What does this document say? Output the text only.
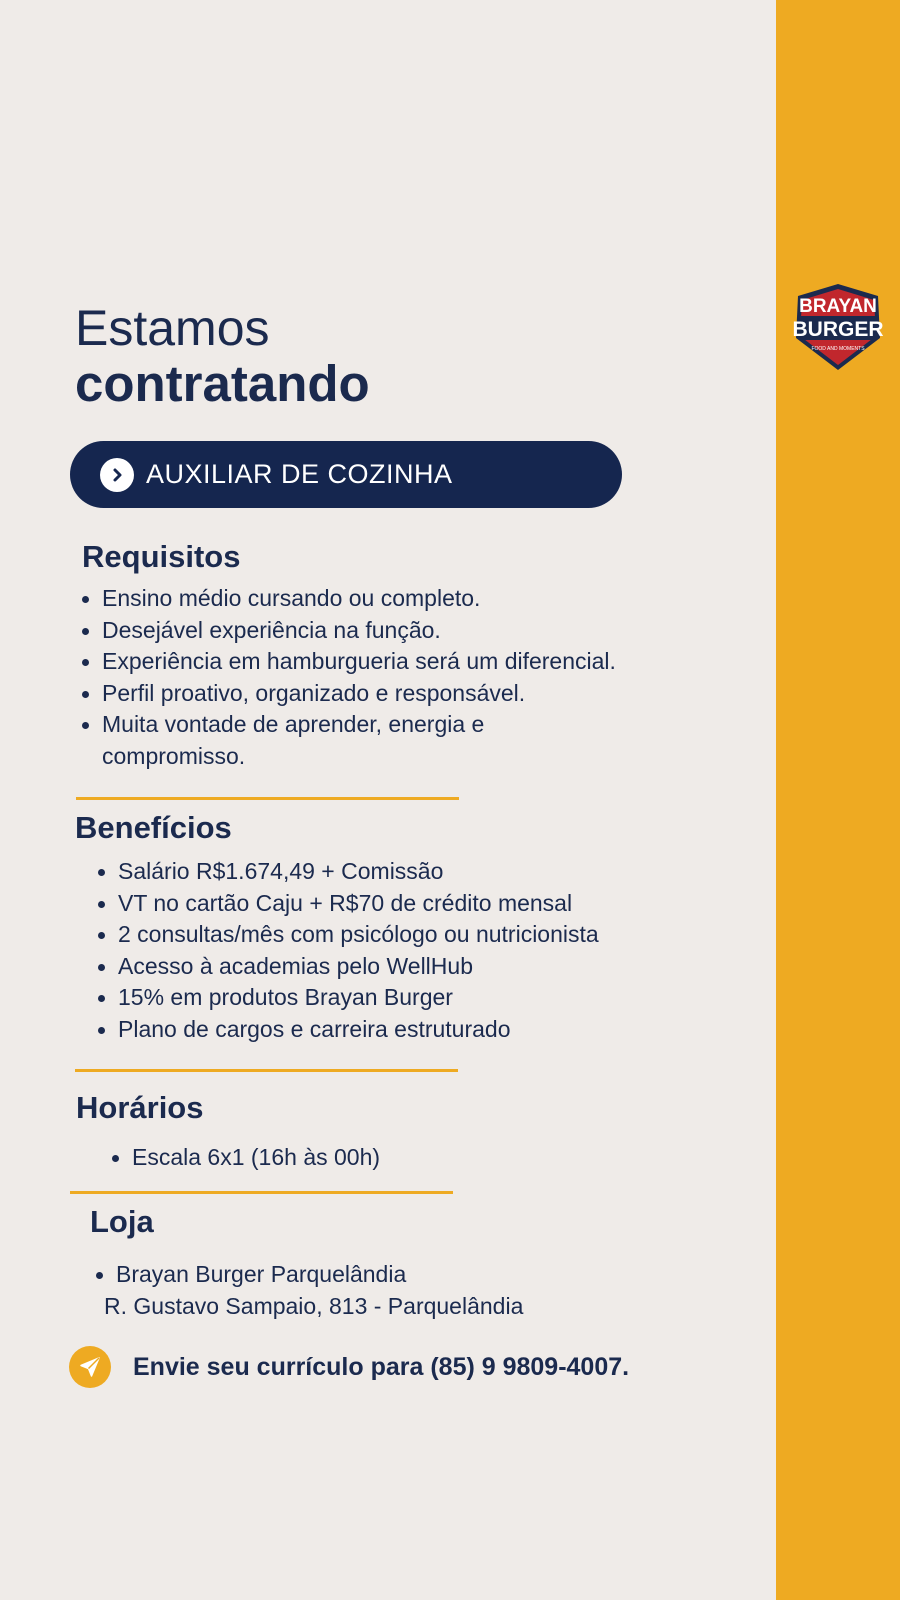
BRAYAN
BURGER
FOOD AND MOMENTS
Estamos
contratando
AUXILIAR DE COZINHA
Requisitos
Ensino médio cursando ou completo.
Desejável experiência na função.
Experiência em hamburgueria será um diferencial.
Perfil proativo, organizado e responsável.
Muita vontade de aprender, energia e compromisso.
Benefícios
Salário R$1.674,49 + Comissão
VT no cartão Caju + R$70 de crédito mensal
2 consultas/mês com psicólogo ou nutricionista
Acesso à academias pelo WellHub
15% em produtos Brayan Burger
Plano de cargos e carreira estruturado
Horários
Escala 6x1 (16h às 00h)
Loja
Brayan Burger Parquelândia
R. Gustavo Sampaio, 813 - Parquelândia
Envie seu currículo para (85) 9 9809-4007.
